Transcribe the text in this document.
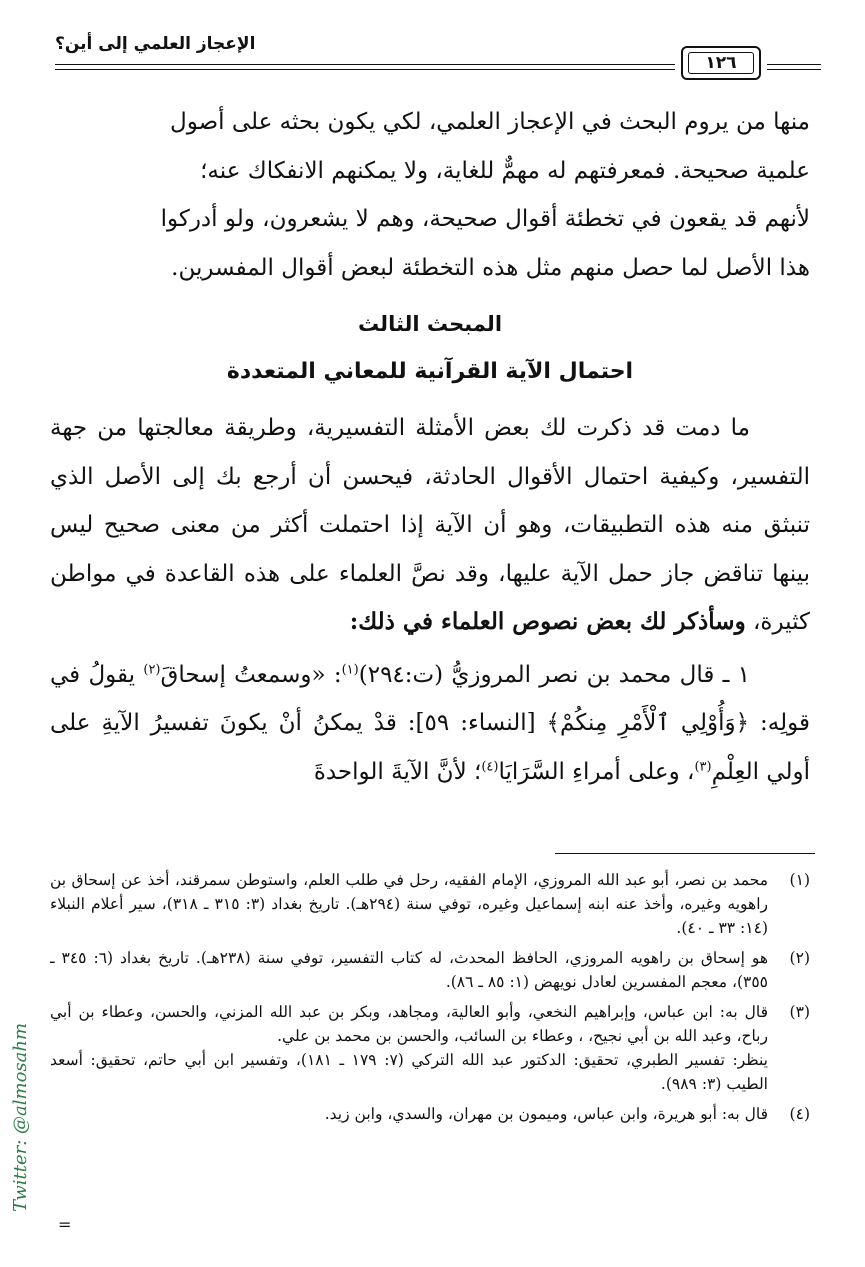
الإعجاز العلمي إلى أين؟
١٢٦

منها من يروم البحث في الإعجاز العلمي، لكي يكون بحثه على أصول

علمية صحيحة. فمعرفتهم له مهمٌّ للغاية، ولا يمكنهم الانفكاك عنه؛

لأنهم قد يقعون في تخطئة أقوال صحيحة، وهم لا يشعرون، ولو أدركوا

هذا الأصل لما حصل منهم مثل هذه التخطئة لبعض أقوال المفسرين.

المبحث الثالث

احتمال الآية القرآنية للمعاني المتعددة

ما دمت قد ذكرت لك بعض الأمثلة التفسيرية، وطريقة معالجتها من جهة التفسير، وكيفية احتمال الأقوال الحادثة، فيحسن أن أرجع بك إلى الأصل الذي تنبثق منه هذه التطبيقات، وهو أن الآية إذا احتملت أكثر من معنى صحيح ليس بينها تناقض جاز حمل الآية عليها، وقد نصَّ العلماء على هذه القاعدة في مواطن كثيرة، وسأذكر لك بعض نصوص العلماء في ذلك:

١ ـ قال محمد بن نصر المروزيُّ (ت:٢٩٤)$^{(١)}$: «وسمعتُ إسحاقَ$^{(٢)}$ يقولُ في قولِه: ﴿وَأُوْلِي ٱلْأَمْرِ مِنكُمْ﴾ [النساء: ٥٩]: قدْ يمكنُ أنْ يكونَ تفسيرُ الآيةِ على أولي العِلْمِ$^{(٣)}$، وعلى أمراءِ السَّرَايَا$^{(٤)}$؛ لأنَّ الآيةَ الواحدةَ

(١)

محمد بن نصر، أبو عبد الله المروزي، الإمام الفقيه، رحل في طلب العلم، واستوطن سمرقند، أخذ عن إسحاق بن راهويه وغيره، وأخذ عنه ابنه إسماعيل وغيره، توفي سنة (٢٩٤هـ). تاريخ بغداد (٣: ٣١٥ ـ ٣١٨)، سير أعلام النبلاء (١٤: ٣٣ ـ ٤٠).

(٢)

هو إسحاق بن راهويه المروزي، الحافظ المحدث، له كتاب التفسير، توفي سنة (٢٣٨هـ). تاريخ بغداد (٦: ٣٤٥ ـ ٣٥٥)، معجم المفسرين لعادل نويهض (١: ٨٥ ـ ٨٦).

(٣)

قال به: ابن عباس، وإبراهيم النخعي، وأبو العالية، ومجاهد، وبكر بن عبد الله المزني، والحسن، وعطاء بن أبي رباح، وعبد الله بن أبي نجيح، ، وعطاء بن السائب، والحسن بن محمد بن علي.

ينظر: تفسير الطبري، تحقيق: الدكتور عبد الله التركي (٧: ١٧٩ ـ ١٨١)، وتفسير ابن أبي حاتم، تحقيق: أسعد الطيب (٣: ٩٨٩).

(٤)

قال به: أبو هريرة، وابن عباس، وميمون بن مهران، والسدي، وابن زيد.

Twitter: @almosahm
=
